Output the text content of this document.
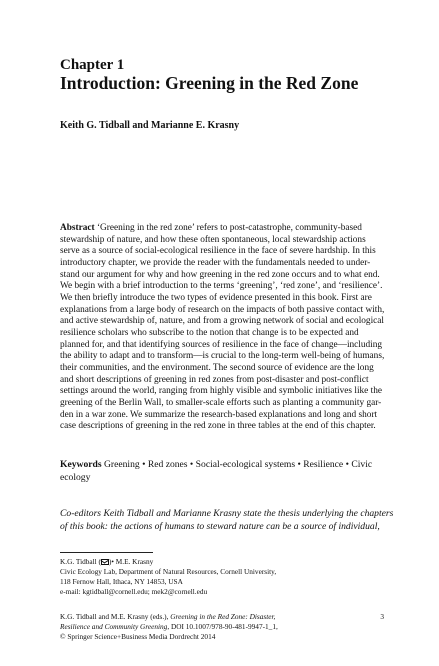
Chapter 1
Introduction: Greening in the Red Zone
Keith G. Tidball and Marianne E. Krasny
Abstract ‘Greening in the red zone’ refers to post-catastrophe, community-based
stewardship of nature, and how these often spontaneous, local stewardship actions
serve as a source of social-ecological resilience in the face of severe hardship. In this
introductory chapter, we provide the reader with the fundamentals needed to under-
stand our argument for why and how greening in the red zone occurs and to what end.
We begin with a brief introduction to the terms ‘greening’, ‘red zone’, and ‘resilience’.
We then briefly introduce the two types of evidence presented in this book. First are
explanations from a large body of research on the impacts of both passive contact with,
and active stewardship of, nature, and from a growing network of social and ecological
resilience scholars who subscribe to the notion that change is to be expected and
planned for, and that identifying sources of resilience in the face of change—including
the ability to adapt and to transform—is crucial to the long-term well-being of humans,
their communities, and the environment. The second source of evidence are the long
and short descriptions of greening in red zones from post-disaster and post-conflict
settings around the world, ranging from highly visible and symbolic initiatives like the
greening of the Berlin Wall, to smaller-scale efforts such as planting a community gar-
den in a war zone. We summarize the research-based explanations and long and short
case descriptions of greening in the red zone in three tables at the end of this chapter.
Keywords Greening • Red zones • Social-ecological systems • Resilience • Civic ecology
Co-editors Keith Tidball and Marianne Krasny state the thesis underlying the chapters
of this book: the actions of humans to steward nature can be a source of individual,
K.G. Tidball ( )• M.E. Krasny
Civic Ecology Lab, Department of Natural Resources, Cornell University,
118 Fernow Hall, Ithaca, NY 14853, USA
e-mail: kgtidball@cornell.edu; mek2@cornell.edu
K.G. Tidball and M.E. Krasny (eds.), Greening in the Red Zone: Disaster,
Resilience and Community Greening, DOI 10.1007/978-90-481-9947-1_1,
© Springer Science+Business Media Dordrecht 2014
3
